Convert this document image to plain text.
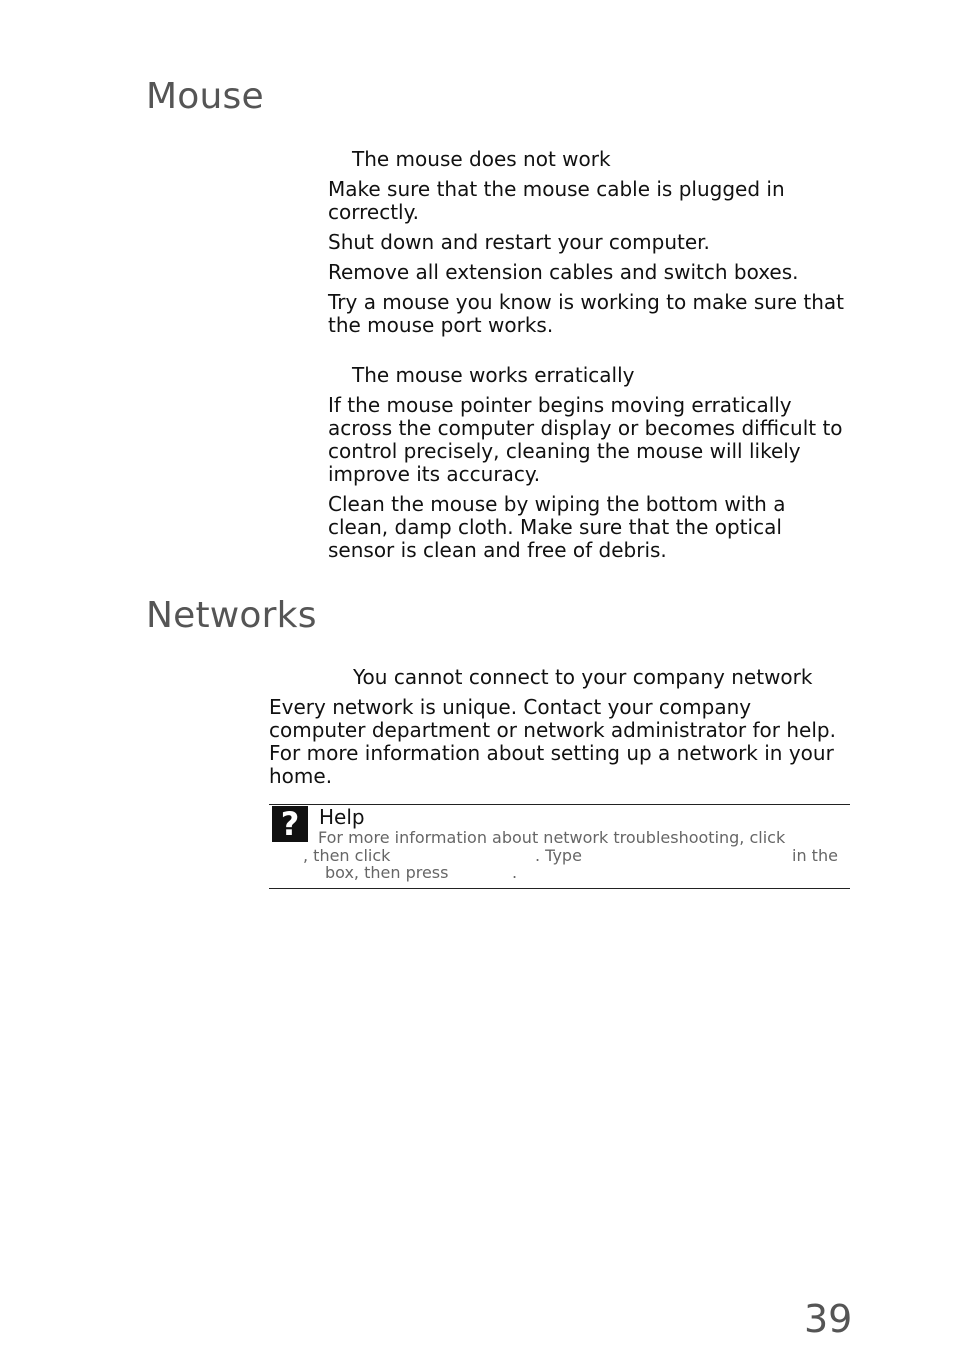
Mouse
The mouse does not work
Make sure that the mouse cable is plugged in correctly.
Shut down and restart your computer.
Remove all extension cables and switch boxes.
Try a mouse you know is working to make sure that the mouse port works.
The mouse works erratically
If the mouse pointer begins moving erratically across the computer display or becomes difficult to control precisely, cleaning the mouse will likely improve its accuracy.
Clean the mouse by wiping the bottom with a clean, damp cloth. Make sure that the optical sensor is clean and free of debris.
Networks
You cannot connect to your company network
Every network is unique. Contact your company computer department or network administrator for help. For more information about setting up a network in your home.
? Help
For more information about network troubleshooting, click
, then click	. Type	in the
box, then press	.
39
